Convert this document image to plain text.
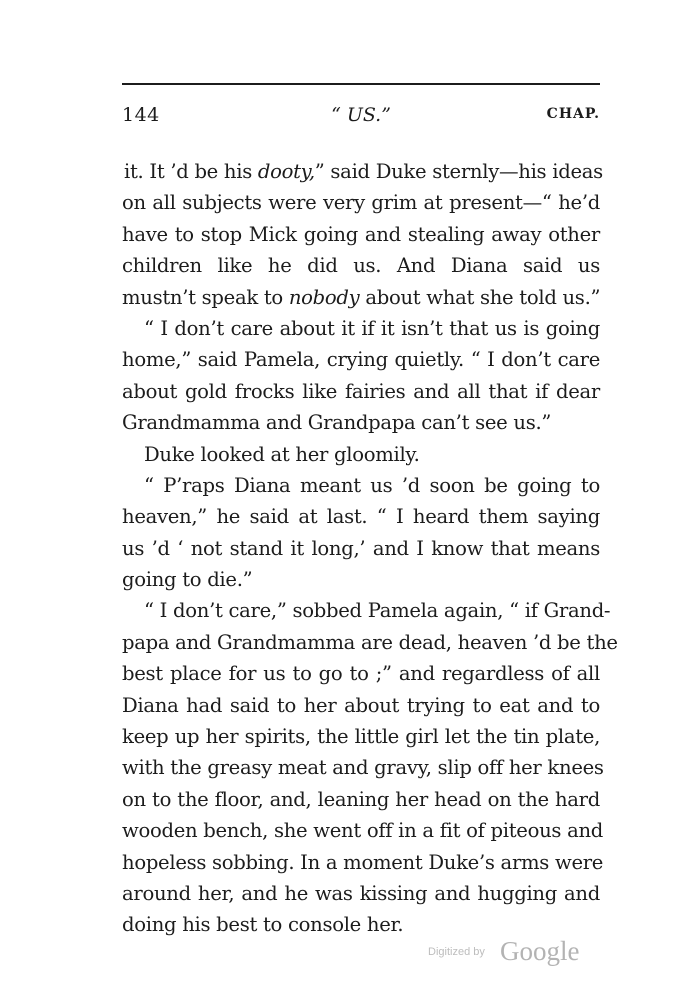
144	“ US.”	CHAP.
it. It ’d be his dooty,” said Duke sternly—his ideas
on all subjects were very grim at present—“ he’d
have to stop Mick going and stealing away other
children like he did us. And Diana said us
mustn’t speak to nobody about what she told us.”
“ I don’t care about it if it isn’t that us is going
home,” said Pamela, crying quietly. “ I don’t care
about gold frocks like fairies and all that if dear
Grandmamma and Grandpapa can’t see us.”
Duke looked at her gloomily.
“ P’raps Diana meant us ’d soon be going to
heaven,” he said at last. “ I heard them saying
us ’d ‘ not stand it long,’ and I know that means
going to die.”
“ I don’t care,” sobbed Pamela again, “ if Grand-
papa and Grandmamma are dead, heaven ’d be the
best place for us to go to ;” and regardless of all
Diana had said to her about trying to eat and to
keep up her spirits, the little girl let the tin plate,
with the greasy meat and gravy, slip off her knees
on to the floor, and, leaning her head on the hard
wooden bench, she went off in a fit of piteous and
hopeless sobbing. In a moment Duke’s arms were
around her, and he was kissing and hugging and
doing his best to console her.
Digitized by Google
